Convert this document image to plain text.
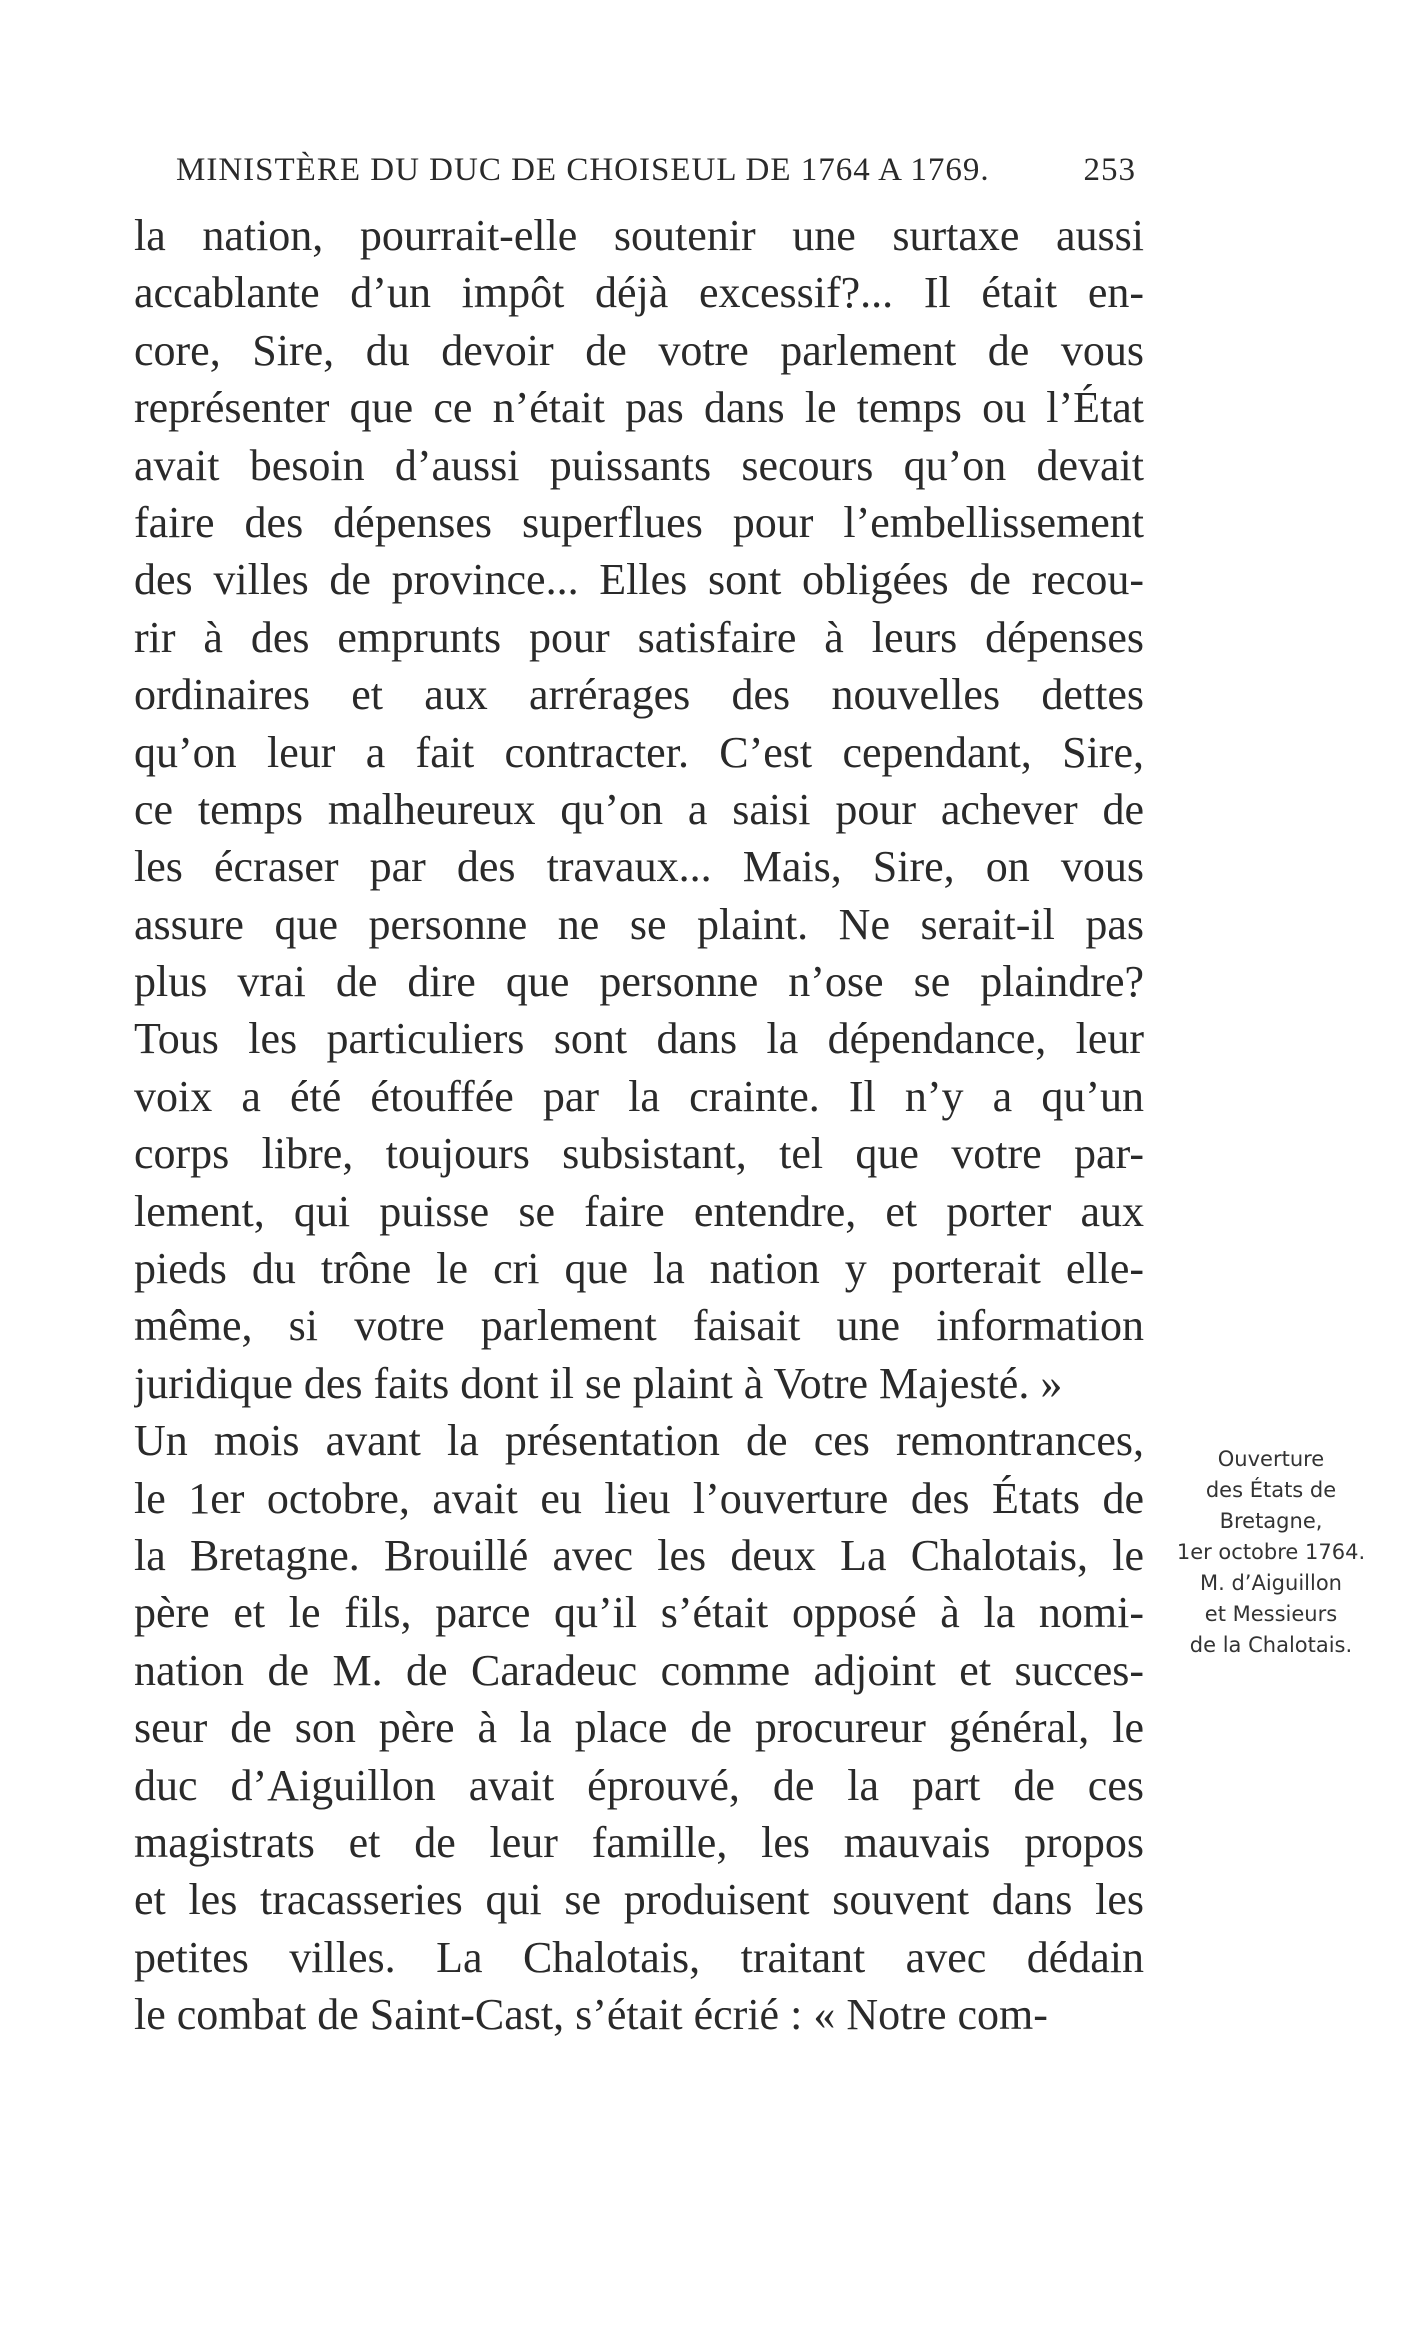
MINISTÈRE DU DUC DE CHOISEUL DE 1764 A 1769.	253
la nation, pourrait-elle soutenir une surtaxe aussi
accablante d’un impôt déjà excessif?... Il était en-
core, Sire, du devoir de votre parlement de vous
représenter que ce n’était pas dans le temps ou l’État
avait besoin d’aussi puissants secours qu’on devait
faire des dépenses superflues pour l’embellissement
des villes de province... Elles sont obligées de recou-
rir à des emprunts pour satisfaire à leurs dépenses
ordinaires et aux arrérages des nouvelles dettes
qu’on leur a fait contracter. C’est cependant, Sire,
ce temps malheureux qu’on a saisi pour achever de
les écraser par des travaux... Mais, Sire, on vous
assure que personne ne se plaint. Ne serait-il pas
plus vrai de dire que personne n’ose se plaindre?
Tous les particuliers sont dans la dépendance, leur
voix a été étouffée par la crainte. Il n’y a qu’un
corps libre, toujours subsistant, tel que votre par-
lement, qui puisse se faire entendre, et porter aux
pieds du trône le cri que la nation y porterait elle-
même, si votre parlement faisait une information
juridique des faits dont il se plaint à Votre Majesté. »
Un mois avant la présentation de ces remontrances,
le 1er octobre, avait eu lieu l’ouverture des États de
la Bretagne. Brouillé avec les deux La Chalotais, le
père et le fils, parce qu’il s’était opposé à la nomi-
nation de M. de Caradeuc comme adjoint et succes-
seur de son père à la place de procureur général, le
duc d’Aiguillon avait éprouvé, de la part de ces
magistrats et de leur famille, les mauvais propos
et les tracasseries qui se produisent souvent dans les
petites villes. La Chalotais, traitant avec dédain
le combat de Saint-Cast, s’était écrié : « Notre com-
Ouverture
des États de
Bretagne,
1er octobre 1764.
M. d’Aiguillon
et Messieurs
de la Chalotais.
